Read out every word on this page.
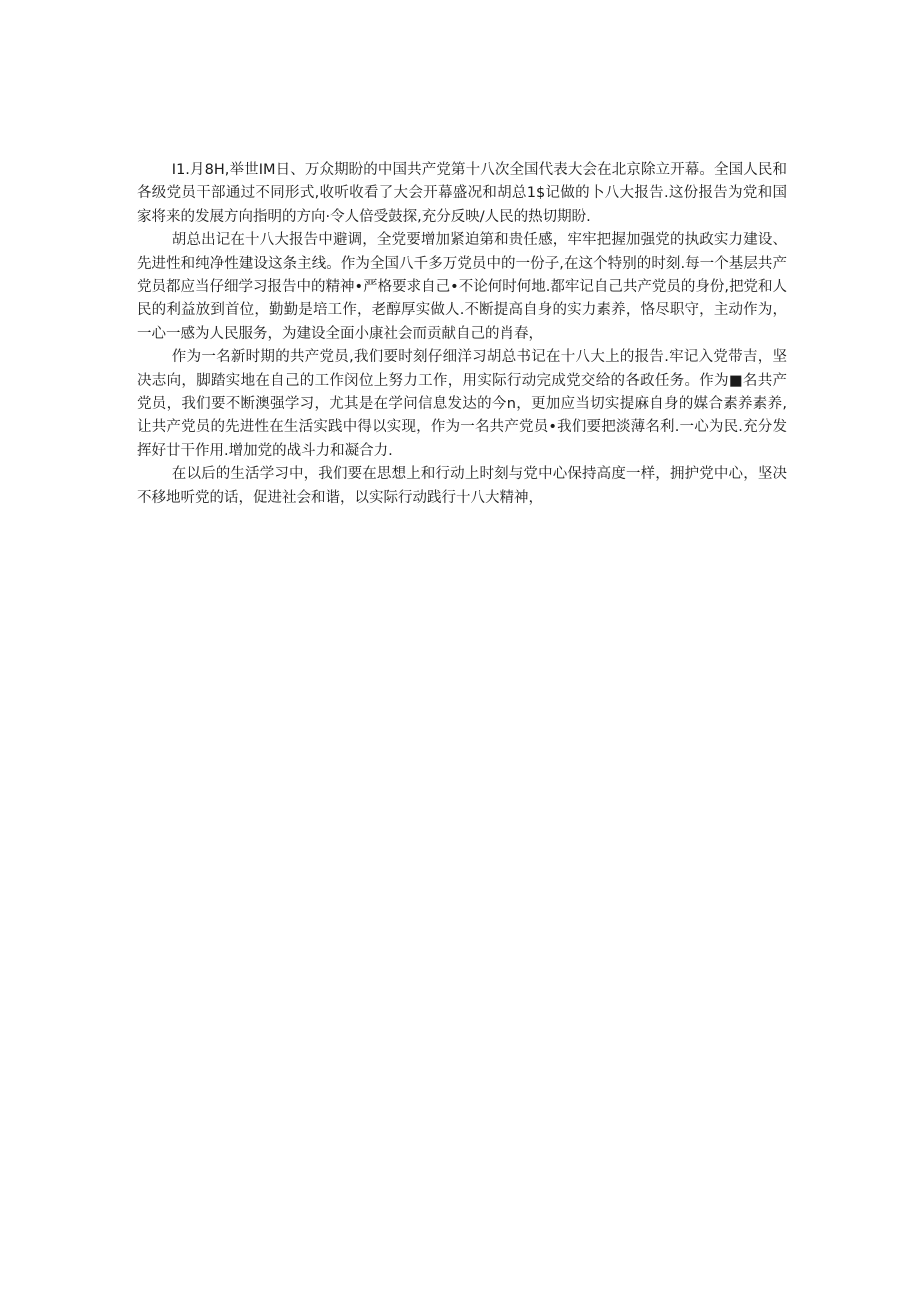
I1.月8H,举世IM日、万众期盼的中国共产党第十八次全国代表大会在北京除立开幕。全国人民和各级党员干部通过不同形式,收听收看了大会开幕盛况和胡总1$记做的卜八大报告.这份报告为党和国家将来的发展方向指明的方向·令人倍受鼓探,充分反映/人民的热切期盼.

胡总出记在十八大报告中避调，全党要增加紧迫第和贵任感，牢牢把握加强党的执政实力建设、先进性和纯净性建设这条主线。作为全国八千多万党员中的一份子,在这个特别的时刻.每一个基层共产党员都应当仔细学习报告中的精神•严格要求自己•不论何时何地.都牢记自己共产党员的身份,把党和人民的利益放到首位，勤勤是培工作，老醇厚实做人.不断提高自身的实力素养，恪尽职守，主动作为，一心一感为人民服务，为建设全面小康社会而贡献自己的肖春，

作为一名新时期的共产党员,我们要时刻仔细洋习胡总书记在十八大上的报告.牢记入党带吉，坚决志向，脚踏实地在自己的工作闵位上努力工作，用实际行动完成党交给的各政任务。作为■名共产党员，我们要不断澳强学习，尤其是在学问信息发达的今n，更加应当切实提麻自身的媒合素养素养,让共产党员的先进性在生活实践中得以实现，作为一名共产党员•我们要把淡薄名利.一心为民.充分发挥好廿干作用.增加党的战斗力和凝合力.

在以后的生活学习中，我们要在思想上和行动上时刻与党中心保持高度一样，拥护党中心，坚决不移地听党的话，促进社会和谐，以实际行动践行十八大精神，
